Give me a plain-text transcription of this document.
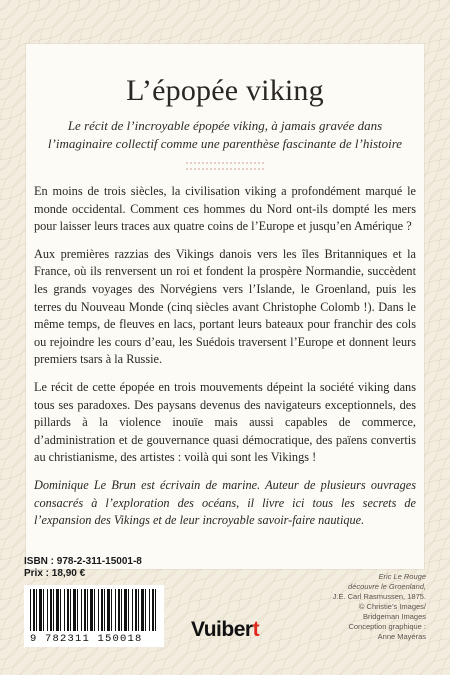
L’épopée viking
Le récit de l’incroyable épopée viking, à jamais gravée dans l’imaginaire collectif comme une parenthèse fascinante de l’histoire

En moins de trois siècles, la civilisation viking a profondément marqué le monde occidental. Comment ces hommes du Nord ont-ils dompté les mers pour laisser leurs traces aux quatre coins de l’Europe et jusqu’en Amérique ?

Aux premières razzias des Vikings danois vers les îles Britanniques et la France, où ils renversent un roi et fondent la prospère Normandie, succèdent les grands voyages des Norvégiens vers l’Islande, le Groenland, puis les terres du Nouveau Monde (cinq siècles avant Christophe Colomb !). Dans le même temps, de fleuves en lacs, portant leurs bateaux pour franchir des cols ou rejoindre les cours d’eau, les Suédois traversent l’Europe et donnent leurs premiers tsars à la Russie.

Le récit de cette épopée en trois mouvements dépeint la société viking dans tous ses paradoxes. Des paysans devenus des navigateurs exceptionnels, des pillards à la violence inouïe mais aussi capables de commerce, d’administration et de gouvernance quasi démocratique, des païens convertis au christianisme, des artistes : voilà qui sont les Vikings !

Dominique Le Brun est écrivain de marine. Auteur de plusieurs ouvrages consacrés à l’exploration des océans, il livre ici tous les secrets de l’expansion des Vikings et de leur incroyable savoir-faire nautique.

ISBN : 978-2-311-15001-8
Prix : 18,90 €
9 782311 150018	Vuibert
Eric Le Rouge
découvre le Groenland,
J.E. Carl Rasmussen, 1875.
© Christie’s Images/
Bridgeman Images
Conception graphique :
Anne Mayéras
